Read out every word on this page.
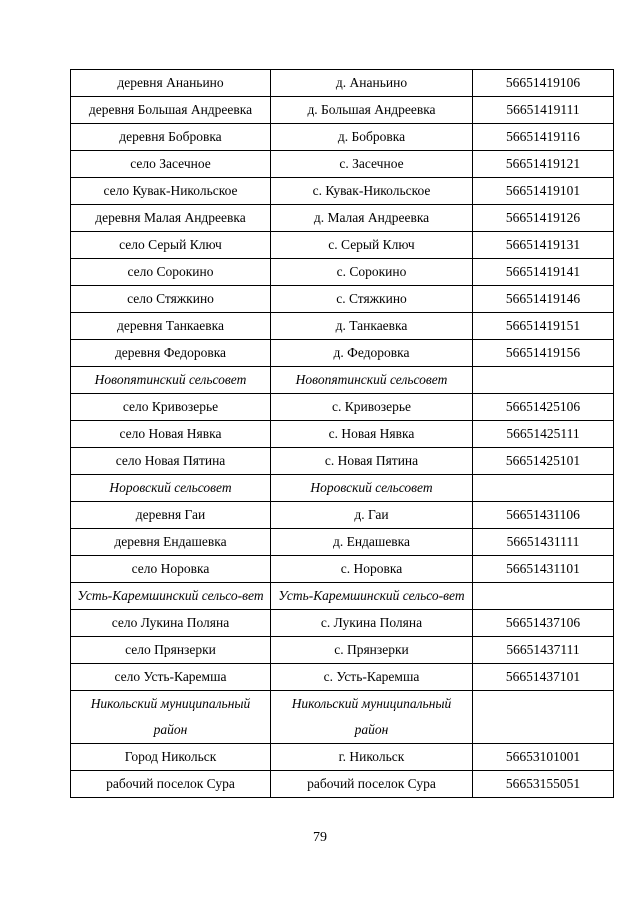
деревня Ананьино	д. Ананьино	56651419106
деревня Большая Андреевка	д. Большая Андреевка	56651419111
деревня Бобровка	д. Бобровка	56651419116
село Засечное	с. Засечное	56651419121
село Кувак-Никольское	с. Кувак-Никольское	56651419101
деревня Малая Андреевка	д. Малая Андреевка	56651419126
село Серый Ключ	с. Серый Ключ	56651419131
село Сорокино	с. Сорокино	56651419141
село Стяжкино	с. Стяжкино	56651419146
деревня Танкаевка	д. Танкаевка	56651419151
деревня Федоровка	д. Федоровка	56651419156
Новопятинский сельсовет	Новопятинский сельсовет	
село Кривозерье	с. Кривозерье	56651425106
село Новая Нявка	с. Новая Нявка	56651425111
село Новая Пятина	с. Новая Пятина	56651425101
Норовский сельсовет	Норовский сельсовет	
деревня Гаи	д. Гаи	56651431106
деревня Ендашевка	д. Ендашевка	56651431111
село Норовка	с. Норовка	56651431101
Усть-Каремшинский сельсо-вет	Усть-Каремшинский сельсо-вет	
село Лукина Поляна	с. Лукина Поляна	56651437106
село Прянзерки	с. Прянзерки	56651437111
село Усть-Каремша	с. Усть-Каремша	56651437101
Никольский муниципальный район	Никольский муниципальный район	
Город Никольск	г. Никольск	56653101001
рабочий поселок Сура	рабочий поселок Сура	56653155051
79
